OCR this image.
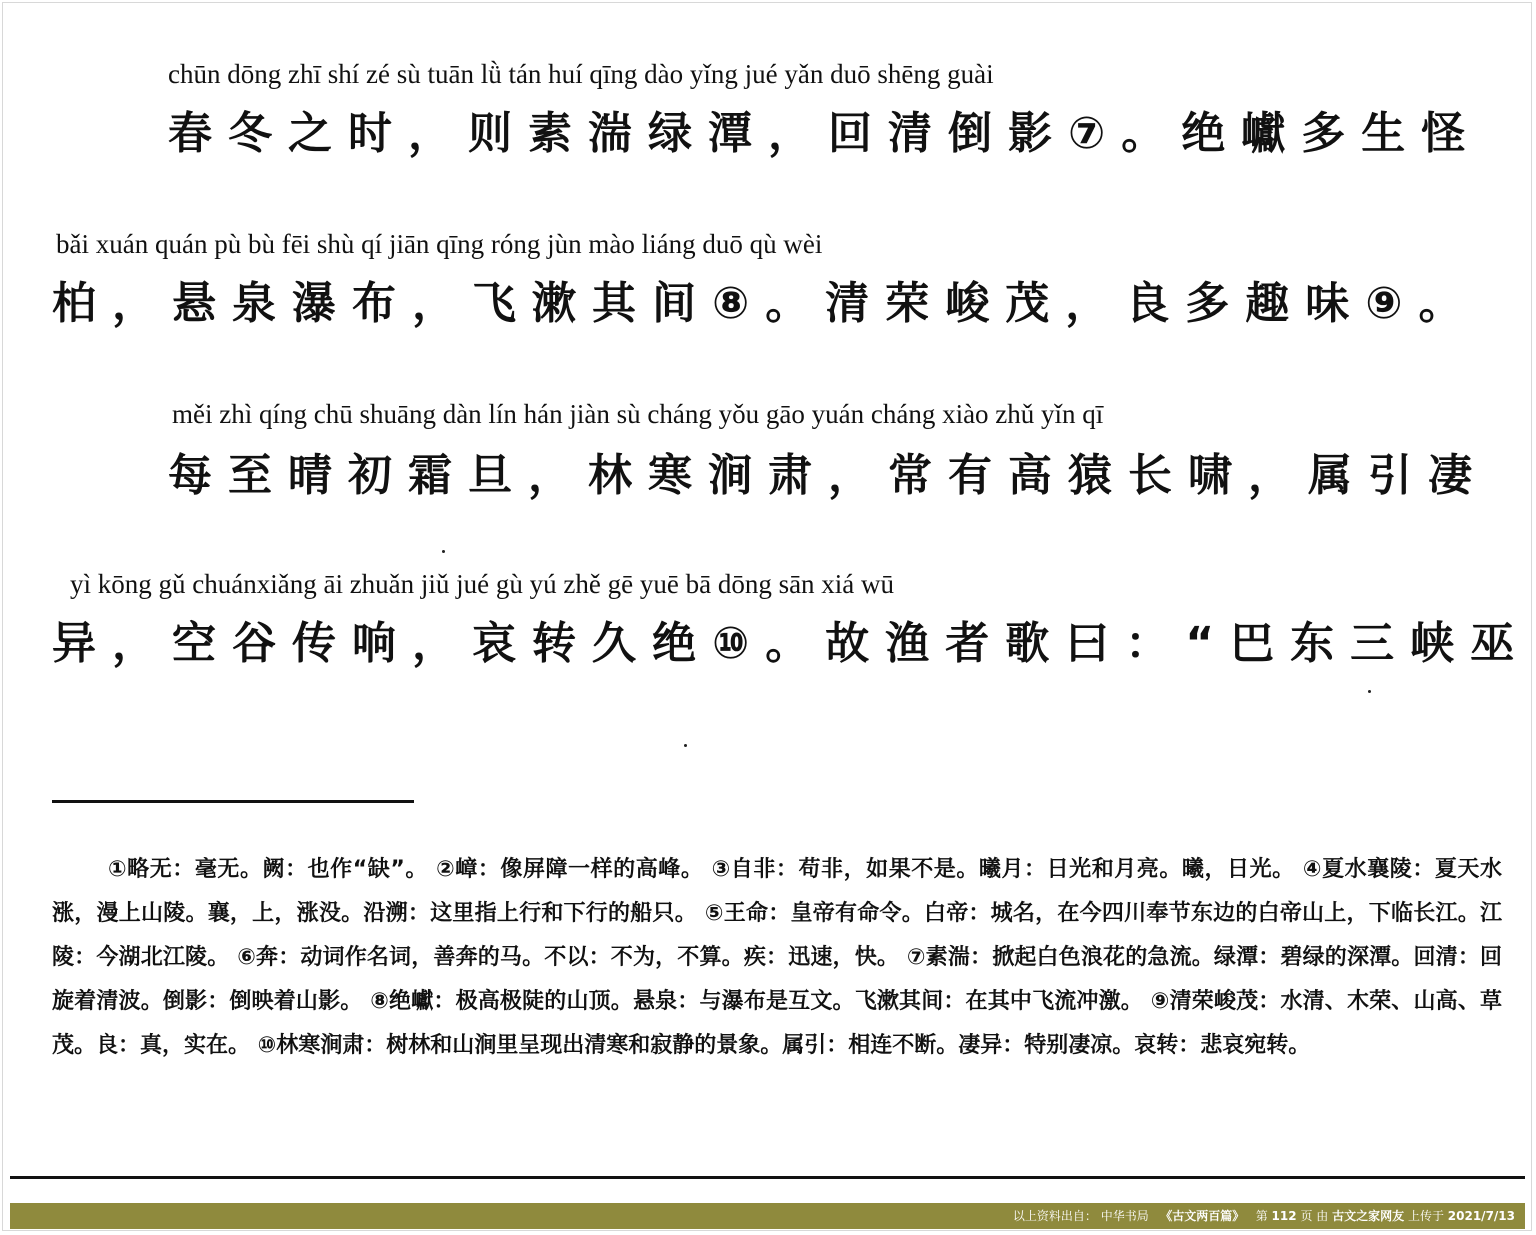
chūn dōng zhī shí zé sù tuān lǜ tán huí qīng dào yǐng jué yǎn duō shēng guài
春冬之时，则素湍绿潭，回清倒影⑦。绝巘多生怪
bǎi xuán quán pù bù fēi shù qí jiān qīng róng jùn mào liáng duō qù wèi
柏，悬泉瀑布，飞漱其间⑧。清荣峻茂，良多趣味⑨。
měi zhì qíng chū shuāng dàn lín hán jiàn sù cháng yǒu gāo yuán cháng xiào zhǔ yǐn qī
每至晴初霜旦，林寒涧肃，常有高猿长啸，属引凄
yì kōng gǔ chuánxiǎng āi zhuǎn jiǔ jué gù yú zhě gē yuē bā dōng sān xiá wū
异，空谷传响，哀转久绝⑩。故渔者歌曰：“巴东三峡巫

①略无：毫无。阙：也作“缺”。 ②嶂：像屏障一样的高峰。 ③自非：苟非，如果不是。曦月：日光和月亮。曦，日光。 ④夏水襄陵：夏天水涨，漫上山陵。襄，上，涨没。沿溯：这里指上行和下行的船只。 ⑤王命：皇帝有命令。白帝：城名，在今四川奉节东边的白帝山上，下临长江。江陵：今湖北江陵。 ⑥奔：动词作名词，善奔的马。不以：不为，不算。疾：迅速，快。 ⑦素湍：掀起白色浪花的急流。绿潭：碧绿的深潭。回清：回旋着清波。倒影：倒映着山影。 ⑧绝巘：极高极陡的山顶。悬泉：与瀑布是互文。飞漱其间：在其中飞流冲激。 ⑨清荣峻茂：水清、木荣、山高、草茂。良：真，实在。 ⑩林寒涧肃：树林和山涧里呈现出清寒和寂静的景象。属引：相连不断。凄异：特别凄凉。哀转：悲哀宛转。

以上资料出自： 中华书局 《古文两百篇》 第 112 页 由 古文之家网友 上传于 2021/7/13
